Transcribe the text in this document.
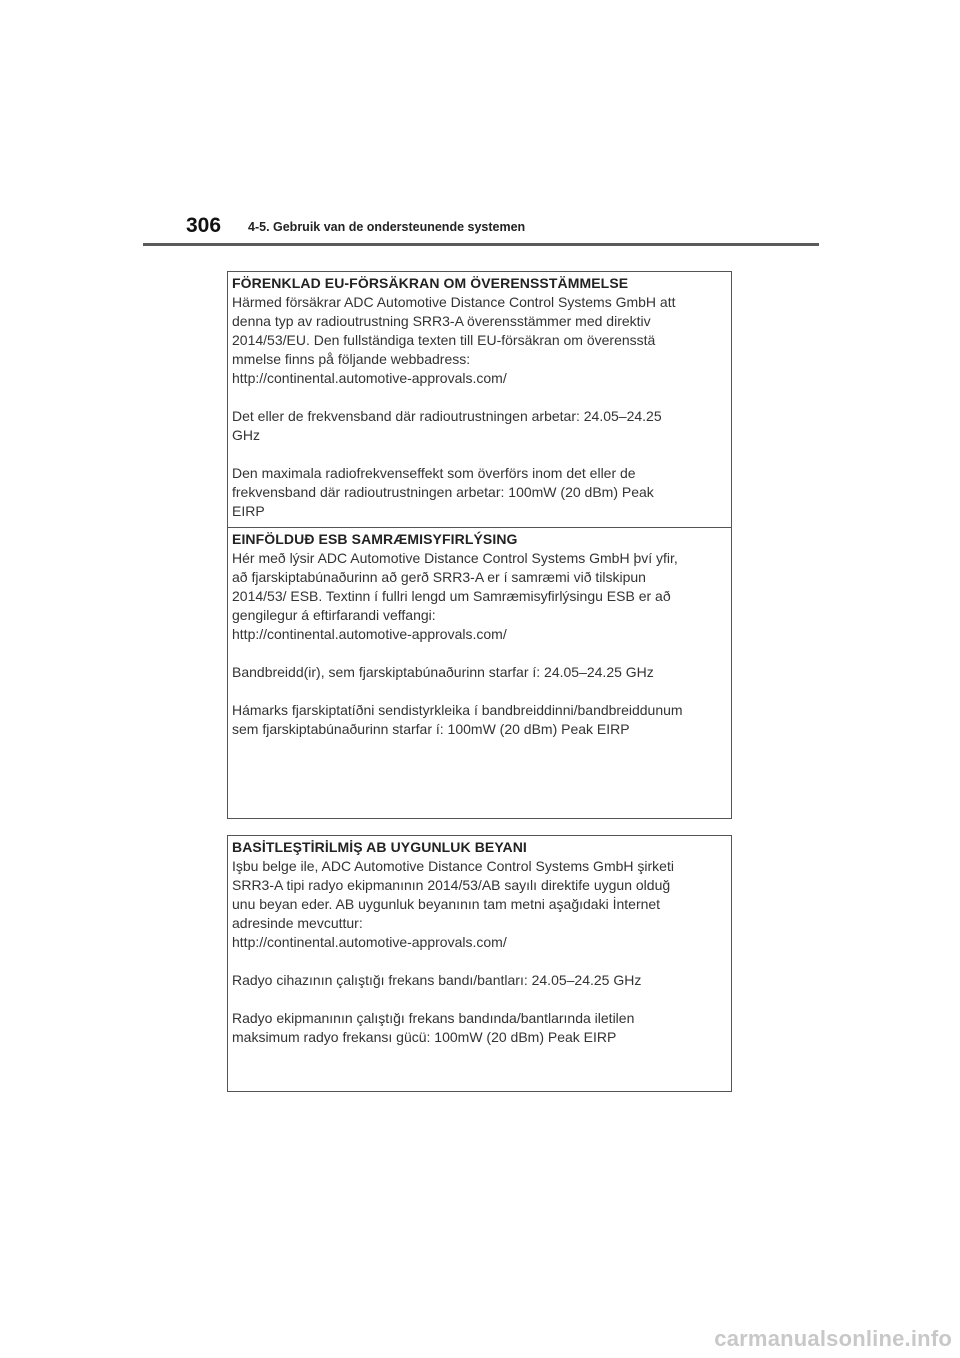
306 4-5. Gebruik van de ondersteunende systemen
FÖRENKLAD EU-FÖRSÄKRAN OM ÖVERENSSTÄMMELSE

Härmed försäkrar ADC Automotive Distance Control Systems GmbH att
denna typ av radioutrustning SRR3-A överensstämmer med direktiv
2014/53/EU. Den fullständiga texten till EU-försäkran om överensstä
mmelse finns på följande webbadress:
http://continental.automotive-approvals.com/

Det eller de frekvensband där radioutrustningen arbetar: 24.05–24.25
GHz

Den maximala radiofrekvenseffekt som överförs inom det eller de
frekvensband där radioutrustningen arbetar: 100mW (20 dBm) Peak
EIRP

EINFÖLDUÐ ESB SAMRÆMISYFIRLÝSING

Hér með lýsir ADC Automotive Distance Control Systems GmbH því yfir,
að fjarskiptabúnaðurinn að gerð SRR3-A er í samræmi við tilskipun
2014/53/ ESB. Textinn í fullri lengd um Samræmisyfirlýsingu ESB er að
gengilegur á eftirfarandi veffangi:
http://continental.automotive-approvals.com/

Bandbreidd(ir), sem fjarskiptabúnaðurinn starfar í: 24.05–24.25 GHz

Hámarks fjarskiptatíðni sendistyrkleika í bandbreiddinni/bandbreiddunum
sem fjarskiptabúnaðurinn starfar í: 100mW (20 dBm) Peak EIRP

BASİTLEŞTİRİLMİŞ AB UYGUNLUK BEYANI

Işbu belge ile, ADC Automotive Distance Control Systems GmbH şirketi
SRR3-A tipi radyo ekipmanının 2014/53/AB sayılı direktife uygun olduğ
unu beyan eder. AB uygunluk beyanının tam metni aşağıdaki İnternet
adresinde mevcuttur:
http://continental.automotive-approvals.com/

Radyo cihazının çalıştığı frekans bandı/bantları: 24.05–24.25 GHz

Radyo ekipmanının çalıştığı frekans bandında/bantlarında iletilen
maksimum radyo frekansı gücü: 100mW (20 dBm) Peak EIRP

carmanualsonline.info
